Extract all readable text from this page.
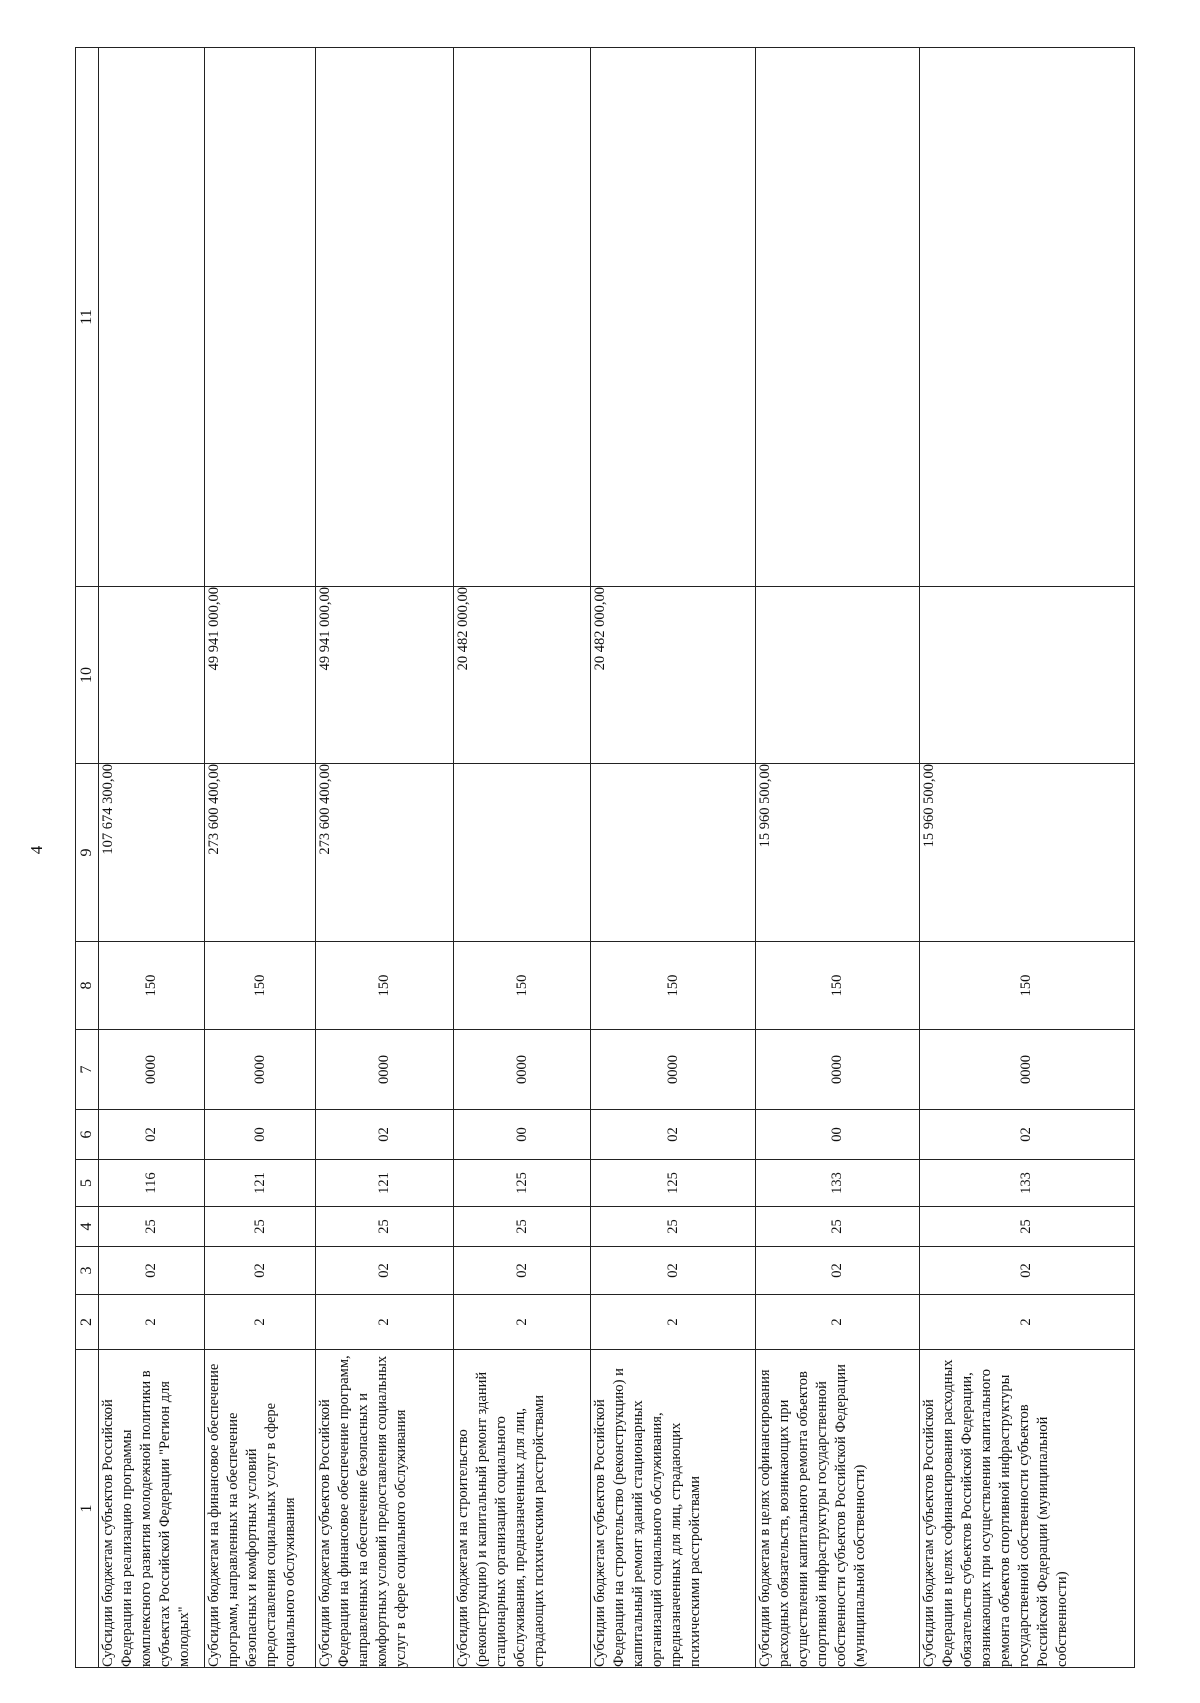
4
1	2	3	4	5	6	7	8	9	10	11
Субсидии бюджетам субъектов Российской Федерации на реализацию программы комплексного развития молодежной политики в субъектах Российской Федерации "Регион для молодых"	2	02	25	116	02	0000	150	107 674 300,00		
Субсидии бюджетам на финансовое обеспечение программ, направленных на обеспечение безопасных и комфортных условий предоставления социальных услуг в сфере социального обслуживания	2	02	25	121	00	0000	150	273 600 400,00	49 941 000,00	
Субсидии бюджетам субъектов Российской Федерации на финансовое обеспечение программ, направленных на обеспечение безопасных и комфортных условий предоставления социальных услуг в сфере социального обслуживания	2	02	25	121	02	0000	150	273 600 400,00	49 941 000,00	
Субсидии бюджетам на строительство (реконструкцию) и капитальный ремонт зданий стационарных организаций социального обслуживания, предназначенных для лиц, страдающих психическими расстройствами	2	02	25	125	00	0000	150		20 482 000,00	
Субсидии бюджетам субъектов Российской Федерации на строительство (реконструкцию) и капитальный ремонт зданий стационарных организаций социального обслуживания, предназначенных для лиц, страдающих психическими расстройствами	2	02	25	125	02	0000	150		20 482 000,00	
Субсидии бюджетам в целях софинансирования расходных обязательств, возникающих при осуществлении капитального ремонта объектов спортивной инфраструктуры государственной собственности субъектов Российской Федерации (муниципальной собственности)	2	02	25	133	00	0000	150	15 960 500,00		
Субсидии бюджетам субъектов Российской Федерации в целях софинансирования расходных обязательств субъектов Российской Федерации, возникающих при осуществлении капитального ремонта объектов спортивной инфраструктуры государственной собственности субъектов Российской Федерации (муниципальной собственности)	2	02	25	133	02	0000	150	15 960 500,00		
